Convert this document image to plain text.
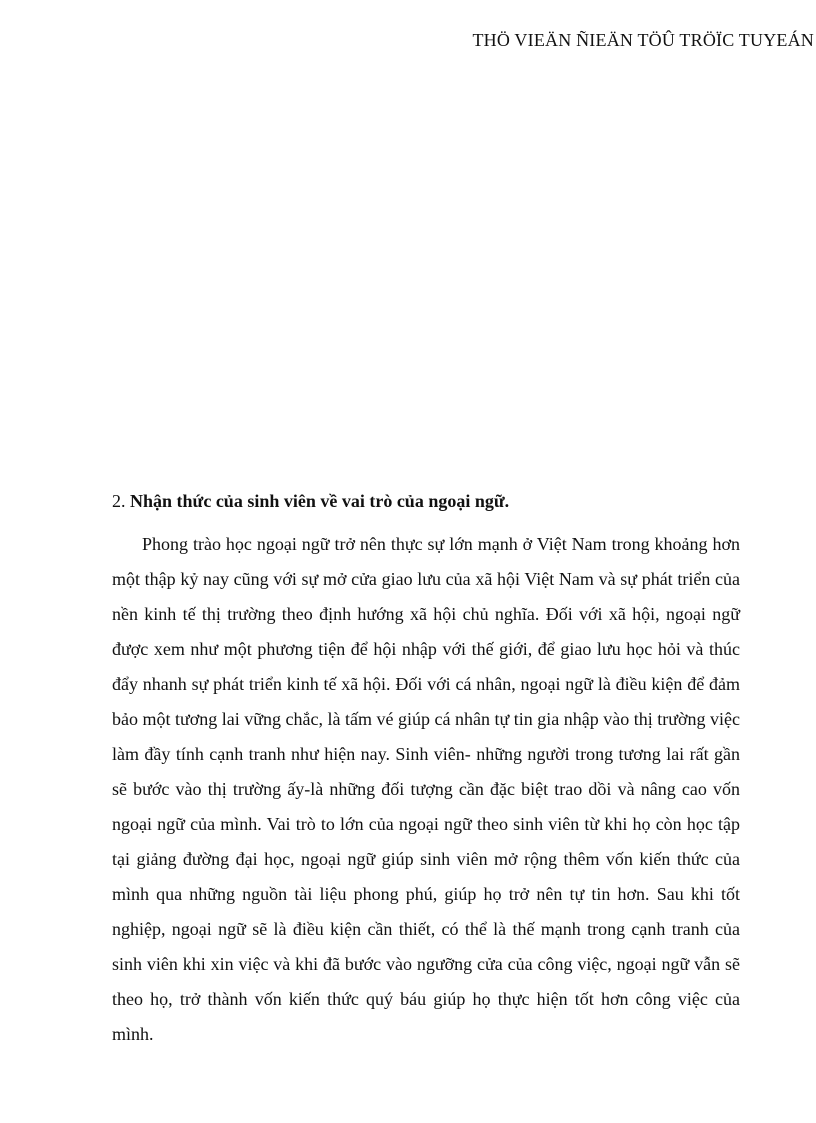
THÖ VIEÄN ÑIEÄN TÖÛ TRÖÏC TUYEÁN
2. Nhận thức của sinh viên về vai trò của ngoại ngữ.

Phong trào học ngoại ngữ trở nên thực sự lớn mạnh ở Việt Nam trong khoảng hơn một thập kỷ nay cũng với sự mở cửa giao lưu của xã hội Việt Nam và sự phát triển của nền kinh tế thị trường theo định hướng xã hội chủ nghĩa. Đối với xã hội, ngoại ngữ được xem như một phương tiện để hội nhập với thế giới, để giao lưu học hỏi và thúc đẩy nhanh sự phát triển kinh tế xã hội. Đối với cá nhân, ngoại ngữ là điều kiện để đảm bảo một tương lai vững chắc, là tấm vé giúp cá nhân tự tin gia nhập vào thị trường việc làm đầy tính cạnh tranh như hiện nay. Sinh viên- những người trong tương lai rất gần sẽ bước vào thị trường ấy-là những đối tượng cần đặc biệt trao dồi và nâng cao vốn ngoại ngữ của mình. Vai trò to lớn của ngoại ngữ theo sinh viên từ khi họ còn học tập tại giảng đường đại học, ngoại ngữ giúp sinh viên mở rộng thêm vốn kiến thức của mình qua những nguồn tài liệu phong phú, giúp họ trở nên tự tin hơn. Sau khi tốt nghiệp, ngoại ngữ sẽ là điều kiện cần thiết, có thể là thế mạnh trong cạnh tranh của sinh viên khi xin việc và khi đã bước vào ngưỡng cửa của công việc, ngoại ngữ vẫn sẽ theo họ, trở thành vốn kiến thức quý báu giúp họ thực hiện tốt hơn công việc của mình.
